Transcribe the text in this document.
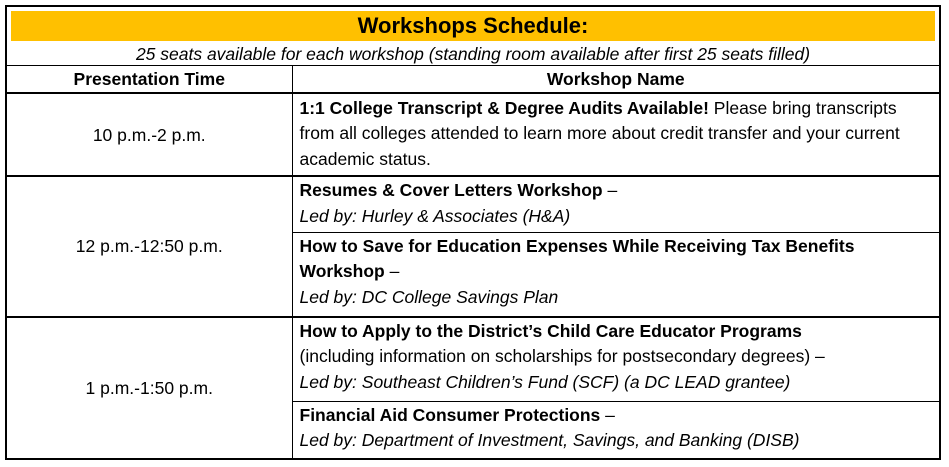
Workshops Schedule:	

25 seats available for each workshop (standing room available after first 25 seats filled)	
Presentation Time	Workshop Name
10 p.m.-2 p.m.	1:1 College Transcript & Degree Audits Available! Please bring transcripts from all colleges attended to learn more about credit transfer and your current academic status.
12 p.m.-12:50 p.m.	Resumes & Cover Letters Workshop –
Led by: Hurley & Associates (H&A)

	How to Save for Education Expenses While Receiving Tax Benefits Workshop –
Led by: DC College Savings Plan

1 p.m.-1:50 p.m.	How to Apply to the District’s Child Care Educator Programs
(including information on scholarships for postsecondary degrees) –
Led by: Southeast Children’s Fund (SCF) (a DC LEAD grantee)

	Financial Aid Consumer Protections –
Led by: Department of Investment, Savings, and Banking (DISB)
